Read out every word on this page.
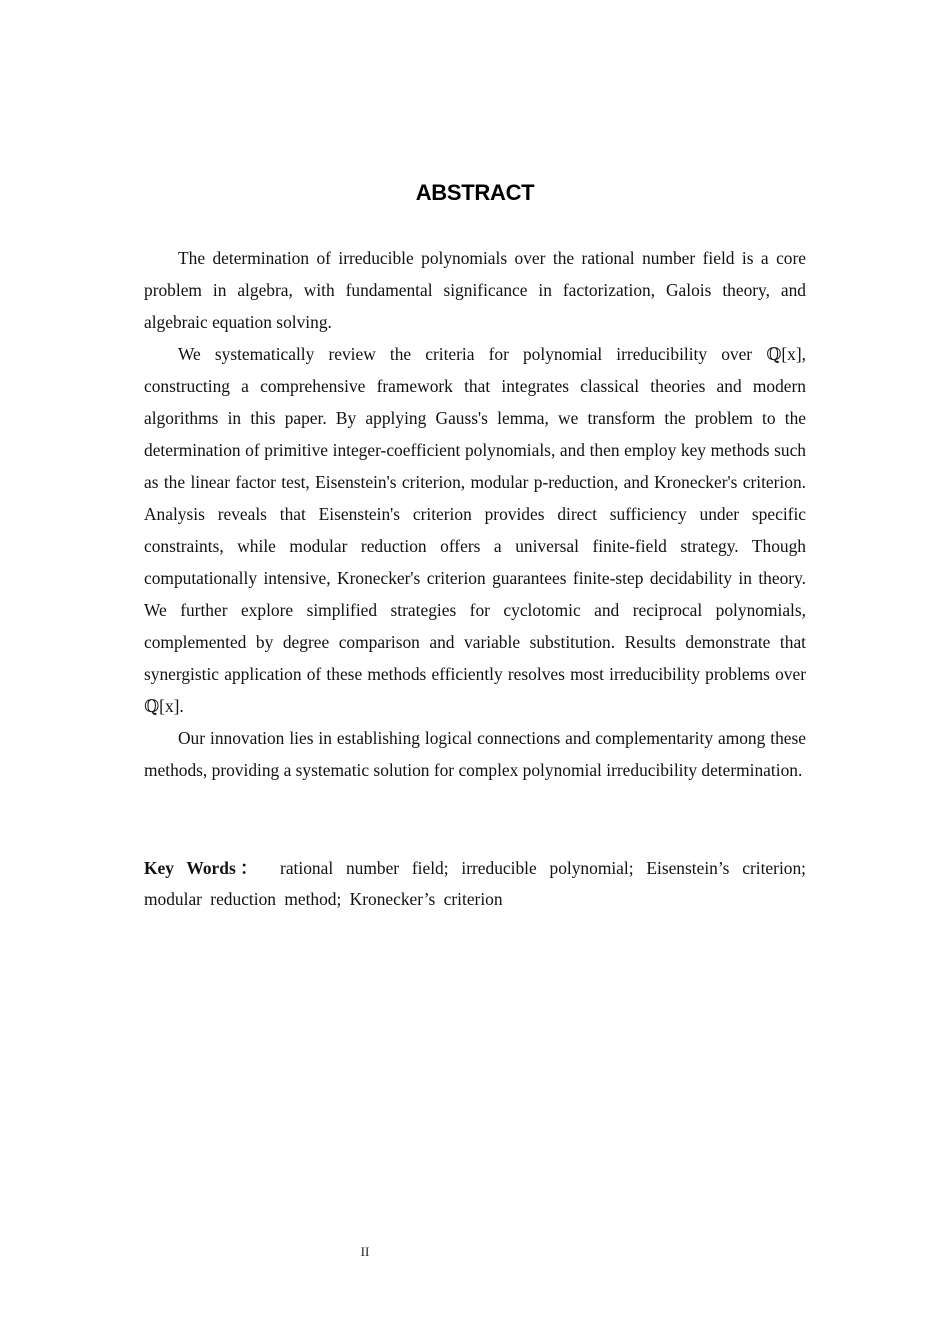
ABSTRACT

The determination of irreducible polynomials over the rational number field is a core problem in algebra, with fundamental significance in factorization, Galois theory, and algebraic equation solving.

We systematically review the criteria for polynomial irreducibility over ℚ[x], constructing a comprehensive framework that integrates classical theories and modern algorithms in this paper. By applying Gauss's lemma, we transform the problem to the determination of primitive integer-coefficient polynomials, and then employ key methods such as the linear factor test, Eisenstein's criterion, modular p-reduction, and Kronecker's criterion. Analysis reveals that Eisenstein's criterion provides direct sufficiency under specific constraints, while modular reduction offers a universal finite-field strategy. Though computationally intensive, Kronecker's criterion guarantees finite-step decidability in theory. We further explore simplified strategies for cyclotomic and reciprocal polynomials, complemented by degree comparison and variable substitution. Results demonstrate that synergistic application of these methods efficiently resolves most irreducibility problems over ℚ[x].

Our innovation lies in establishing logical connections and complementarity among these methods, providing a systematic solution for complex polynomial irreducibility determination.

Key Words： rational number field; irreducible polynomial; Eisenstein’s criterion; modular reduction method; Kronecker’s criterion
II
